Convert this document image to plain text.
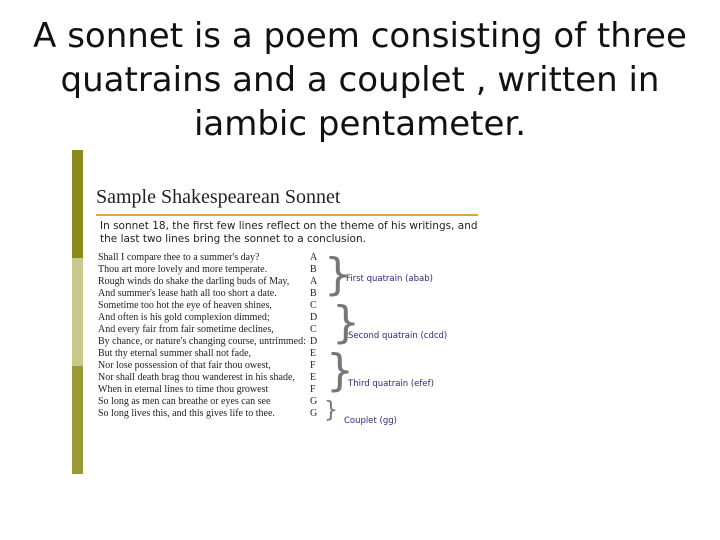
A sonnet is a poem consisting of three quatrains and a couplet , written in iambic pentameter.
Sample Shakespearean Sonnet
In sonnet 18, the first few lines reflect on the theme of his writings, and the last two lines bring the sonnet to a conclusion.
Shall I compare thee to a summer's day?	A
Thou art more lovely and more temperate.	B
Rough winds do shake the darling buds of May, A
And summer's lease hath all too short a date.	B
Sometime too hot the eye of heaven shines,	C
And often is his gold complexion dimmed;	D
And every fair from fair sometime declines,	C
By chance, or nature's changing course, untrimmed: D
But thy eternal summer shall not fade,	E
Nor lose possession of that fair thou owest,	F
Nor shall death brag thou wanderest in his shade, E
When in eternal lines to time thou growest	F
So long as men can breathe or eyes can see	G
So long lives this, and this gives life to thee.	G
}
First quatrain (abab)
}
Second quatrain (cdcd)
}
Third quatrain (efef)
} Couplet (gg)
